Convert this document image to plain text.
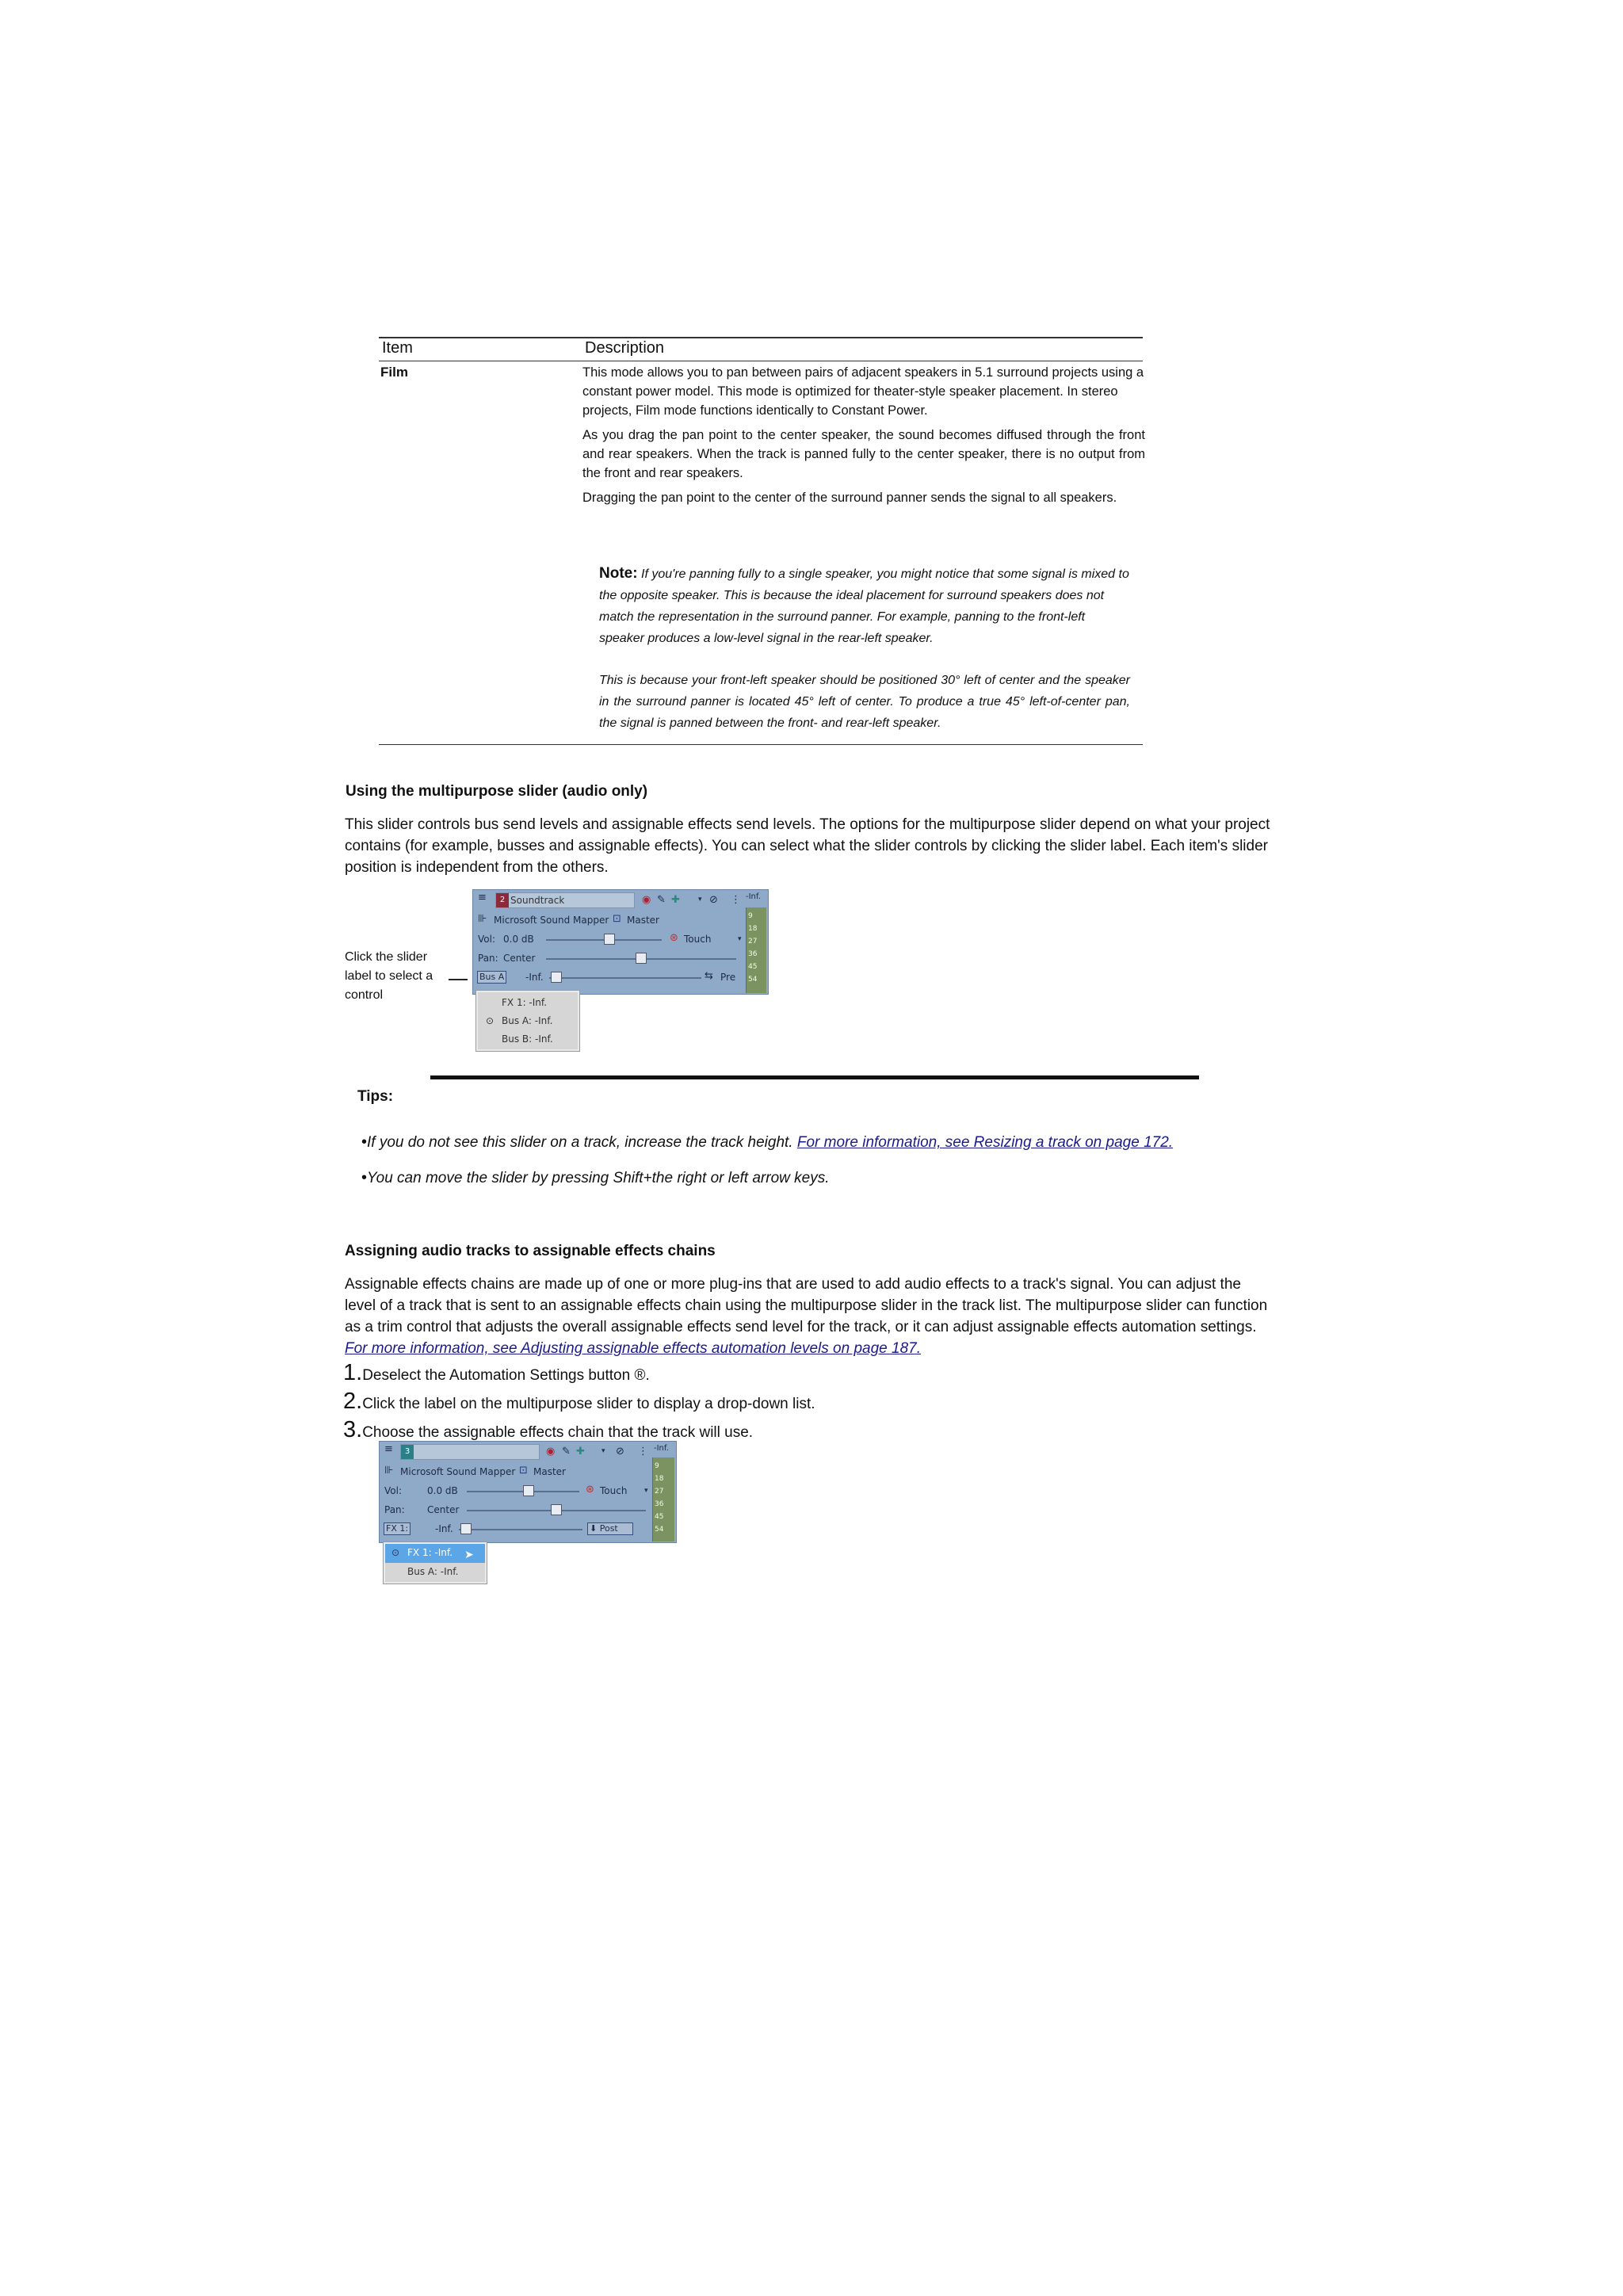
Item	Description
Film	This mode allows you to pan between pairs of adjacent speakers in 5.1 surround projects using a constant power model. This mode is optimized for theater-style speaker placement. In stereo projects, Film mode functions identically to Constant Power.

As you drag the pan point to the center speaker, the sound becomes diffused through the front and rear speakers. When the track is panned fully to the center speaker, there is no output from the front and rear speakers.

Dragging the pan point to the center of the surround panner sends the signal to all speakers.

Note: If you're panning fully to a single speaker, you might notice that some signal is mixed to the opposite speaker. This is because the ideal placement for surround speakers does not match the representation in the surround panner. For example, panning to the front-left speaker produces a low-level signal in the rear-left speaker.
This is because your front-left speaker should be positioned 30° left of center and the speaker in the surround panner is located 45° left of center. To produce a true 45° left-of-center pan, the signal is panned between the front- and rear-left speaker.
Using the multipurpose slider (audio only)

This slider controls bus send levels and assignable effects send levels. The options for the multipurpose slider depend on what your project contains (for example, busses and assignable effects). You can select what the slider controls by clicking the slider label. Each item's slider position is independent from the others.

Click the slider label to select a control
≡	2 Soundtrack	◉ ✎ ✚	▾ ⊘ ⋮
⊪ Microsoft Sound Mapper ⊡ Master
Vol: 0.0 dB	⊛ Touch	▾
Pan: Center
Bus A -Inf.	⇆ Pre
9
18
27
36
45
54
-Inf.
FX 1: -Inf.
⊙ Bus A: -Inf.
Bus B: -Inf.
Tips:
•If you do not see this slider on a track, increase the track height. For more information, see Resizing a track on page 172.
•You can move the slider by pressing Shift+the right or left arrow keys.
Assigning audio tracks to assignable effects chains

Assignable effects chains are made up of one or more plug-ins that are used to add audio effects to a track's signal. You can adjust the level of a track that is sent to an assignable effects chain using the multipurpose slider in the track list. The multipurpose slider can function as a trim control that adjusts the overall assignable effects send level for the track, or it can adjust assignable effects automation settings. For more information, see Adjusting assignable effects automation levels on page 187.

1.Deselect the Automation Settings button ®.
2.Click the label on the multipurpose slider to display a drop-down list.
3.Choose the assignable effects chain that the track will use.
≡	3	◉ ✎ ✚ ▾ ⊘ ⋮
⊪ Microsoft Sound Mapper ⊡ Master
Vol:	0.0 dB	⊛ Touch ▾
Pan: Center
FX 1:	-Inf.	⬇ Post
9
18
27
36
45
54
-Inf.
⊙ FX 1: -Inf. ➤
Bus A: -Inf.
